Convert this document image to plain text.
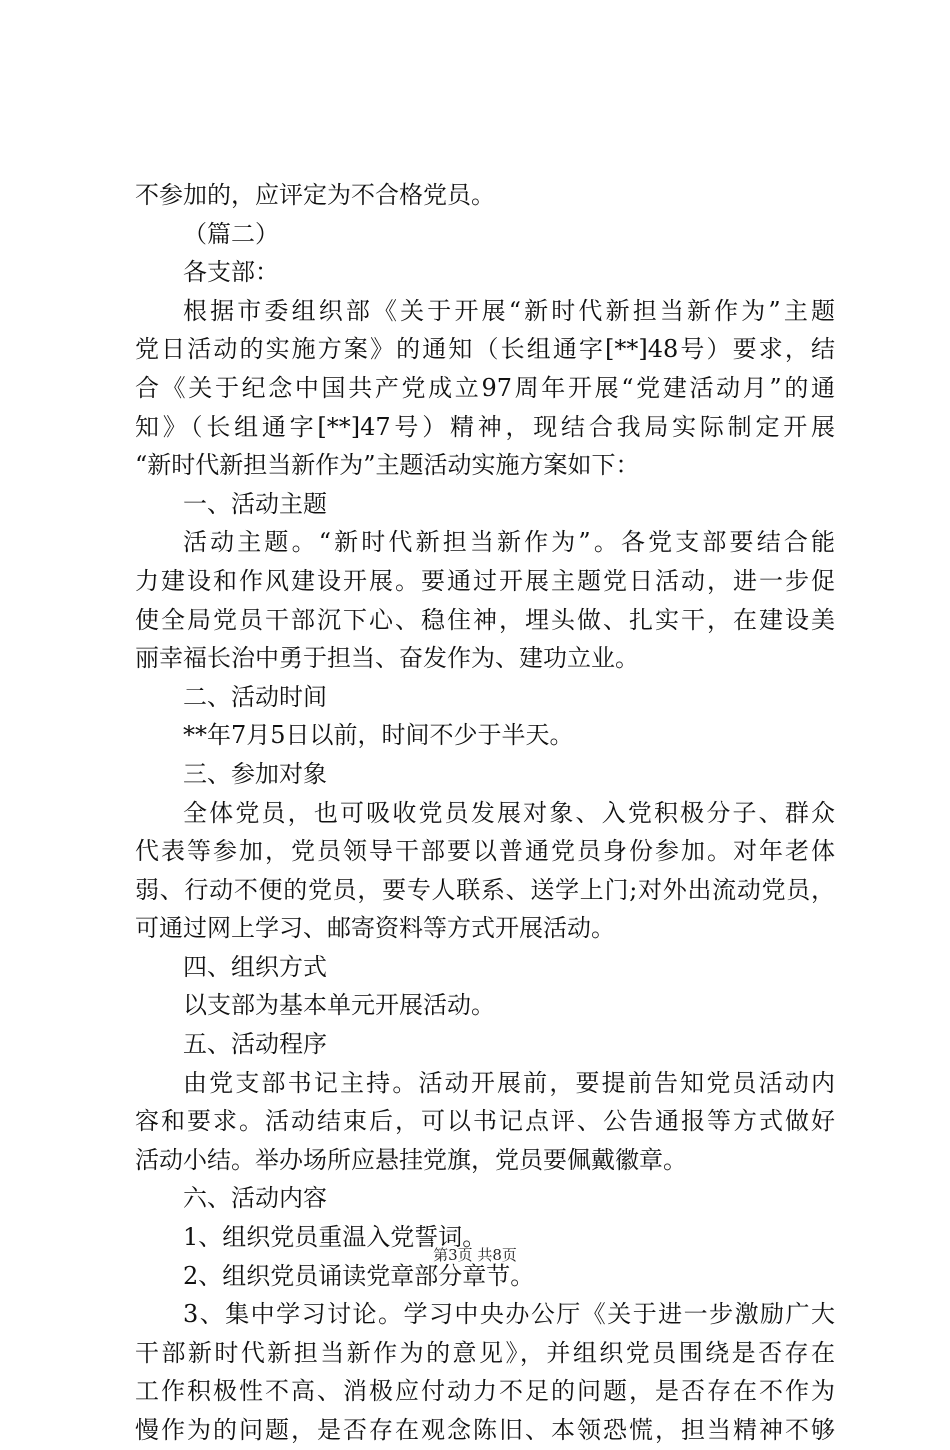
不参加的，应评定为不合格党员。
（篇二）
各支部：
根据市委组织部《关于开展“新时代新担当新作为”主题
党日活动的实施方案》的通知（长组通字[**]48号）要求，结
合《关于纪念中国共产党成立97周年开展“党建活动月”的通
知》（长组通字[**]47号）精神，现结合我局实际制定开展
“新时代新担当新作为”主题活动实施方案如下：
一、活动主题
活动主题。“新时代新担当新作为”。各党支部要结合能
力建设和作风建设开展。要通过开展主题党日活动，进一步促
使全局党员干部沉下心、稳住神，埋头做、扎实干，在建设美
丽幸福长治中勇于担当、奋发作为、建功立业。
二、活动时间
**年7月5日以前，时间不少于半天。
三、参加对象
全体党员，也可吸收党员发展对象、入党积极分子、群众
代表等参加，党员领导干部要以普通党员身份参加。对年老体
弱、行动不便的党员，要专人联系、送学上门;对外出流动党员，
可通过网上学习、邮寄资料等方式开展活动。
四、组织方式
以支部为基本单元开展活动。
五、活动程序
由党支部书记主持。活动开展前，要提前告知党员活动内
容和要求。活动结束后，可以书记点评、公告通报等方式做好
活动小结。举办场所应悬挂党旗，党员要佩戴徽章。
六、活动内容
1、组织党员重温入党誓词。
2、组织党员诵读党章部分章节。
3、集中学习讨论。学习中央办公厅《关于进一步激励广大
干部新时代新担当新作为的意见》，并组织党员围绕是否存在
工作积极性不高、消极应付动力不足的问题，是否存在不作为
慢作为的问题，是否存在观念陈旧、本领恐慌，担当精神不够
第3页 共8页
